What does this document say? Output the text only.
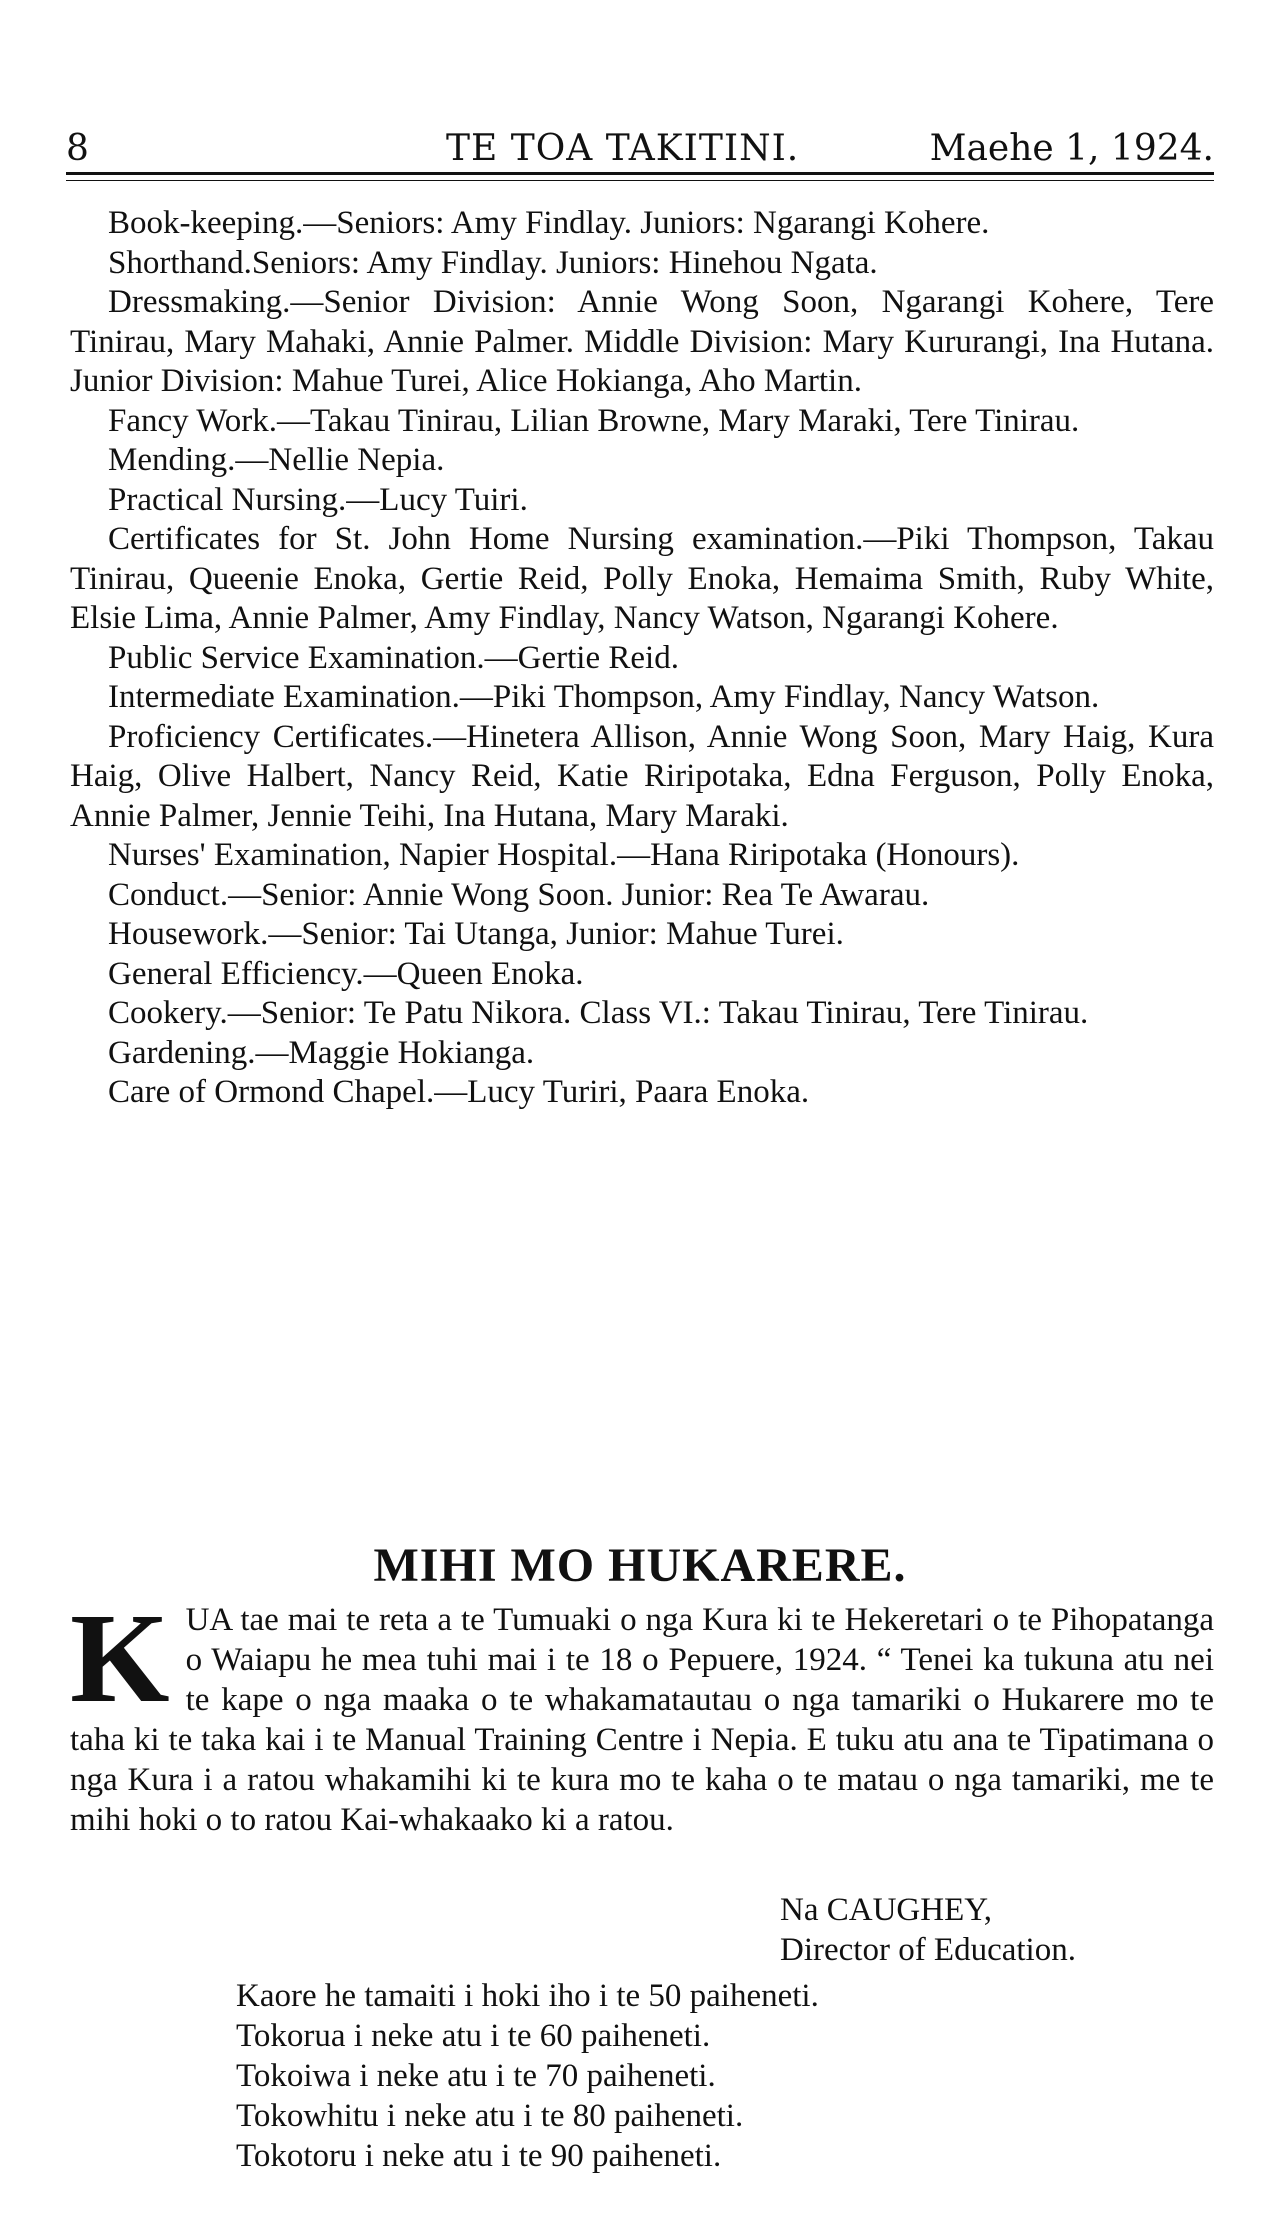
8	TE TOA TAKITINI.	Maehe 1, 1924.

Book-keeping.—Seniors: Amy Findlay. Juniors: Ngarangi Kohere.

Shorthand.Seniors: Amy Findlay. Juniors: Hinehou Ngata.

Dressmaking.—Senior Division: Annie Wong Soon, Ngarangi Kohere, Tere Tinirau, Mary Mahaki, Annie Palmer. Middle Division: Mary Kururangi, Ina Hutana. Junior Division: Mahue Turei, Alice Hokianga, Aho Martin.

Fancy Work.—Takau Tinirau, Lilian Browne, Mary Maraki, Tere Tinirau.

Mending.—Nellie Nepia.

Practical Nursing.—Lucy Tuiri.

Certificates for St. John Home Nursing examination.—Piki Thompson, Takau Tinirau, Queenie Enoka, Gertie Reid, Polly Enoka, Hemaima Smith, Ruby White, Elsie Lima, Annie Palmer, Amy Findlay, Nancy Watson, Ngarangi Kohere.

Public Service Examination.—Gertie Reid.

Intermediate Examination.—Piki Thompson, Amy Findlay, Nancy Watson.

Proficiency Certificates.—Hinetera Allison, Annie Wong Soon, Mary Haig, Kura Haig, Olive Halbert, Nancy Reid, Katie Riripotaka, Edna Ferguson, Polly Enoka, Annie Palmer, Jennie Teihi, Ina Hutana, Mary Maraki.

Nurses' Examination, Napier Hospital.—Hana Riripotaka (Honours).

Conduct.—Senior: Annie Wong Soon. Junior: Rea Te Awarau.

Housework.—Senior: Tai Utanga, Junior: Mahue Turei.

General Efficiency.—Queen Enoka.

Cookery.—Senior: Te Patu Nikora. Class VI.: Takau Tinirau, Tere Tinirau.

Gardening.—Maggie Hokianga.

Care of Ormond Chapel.—Lucy Turiri, Paara Enoka.

MIHI MO HUKARERE.
K UA tae mai te reta a te Tumuaki o nga Kura ki te Hekeretari o te Pihopatanga o Waiapu he mea tuhi mai i te 18 o Pepuere, 1924. “ Tenei ka tukuna atu nei te kape o nga maaka o te whakamatautau o nga tamariki o Hukarere mo te taha ki te taka kai i te Manual Training Centre i Nepia. E tuku atu ana te Tipatimana o nga Kura i a ratou whakamihi ki te kura mo te kaha o te matau o nga tamariki, me te mihi hoki o to ratou Kai-whakaako ki a ratou.
Na CAUGHEY,
Director of Education.
Kaore he tamaiti i hoki iho i te 50 paiheneti.
Tokorua i neke atu i te 60 paiheneti.
Tokoiwa i neke atu i te 70 paiheneti.
Tokowhitu i neke atu i te 80 paiheneti.
Tokotoru i neke atu i te 90 paiheneti.
